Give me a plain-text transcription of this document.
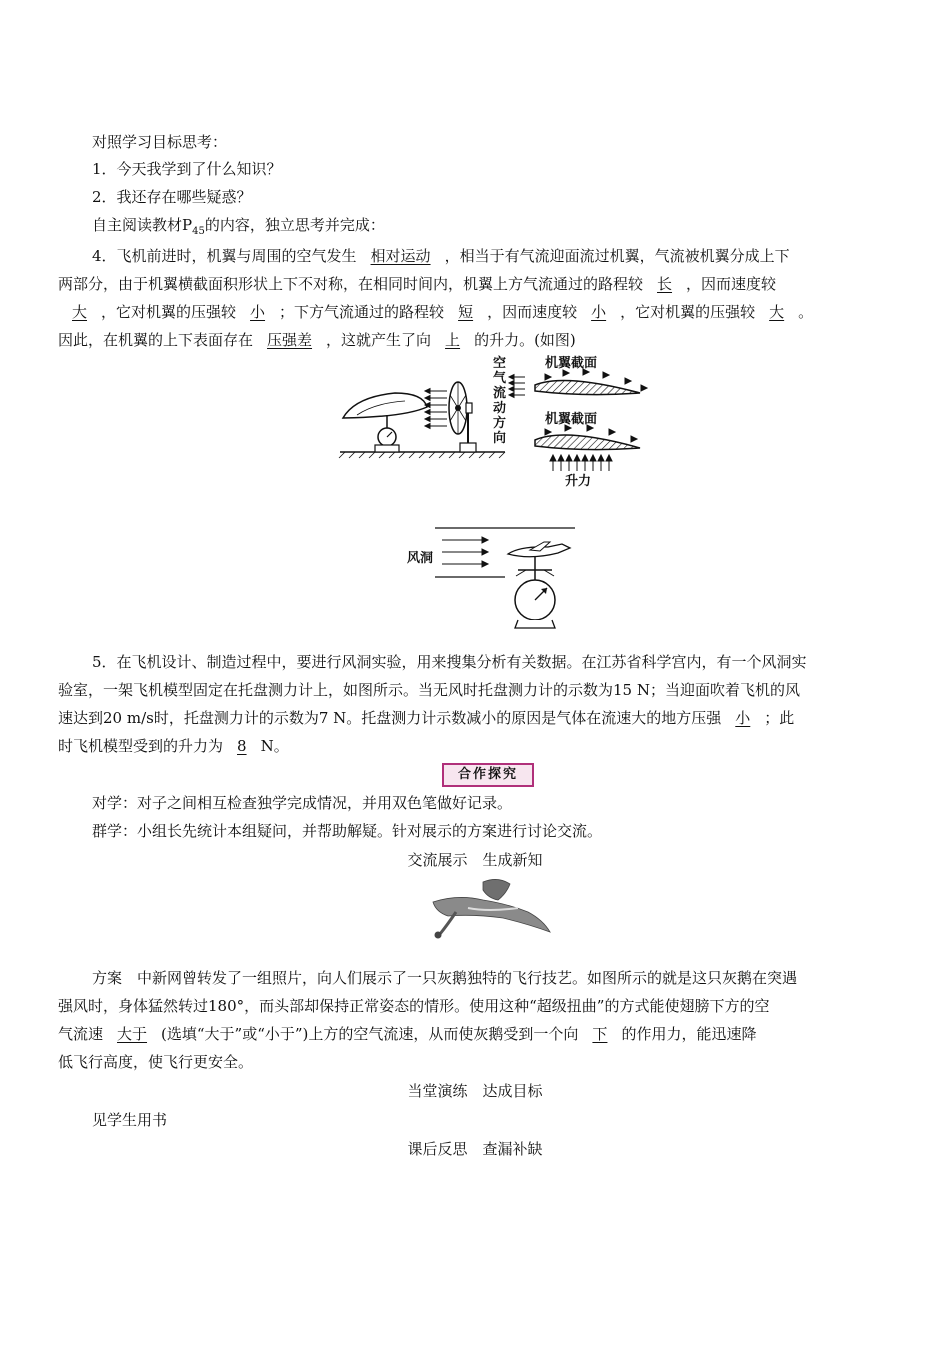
对照学习目标思考：
1．今天我学到了什么知识？
2．我还存在哪些疑惑？
自主阅读教材$P_{45}$的内容，独立思考并完成：
4．飞机前进时，机翼与周围的空气发生 相对运动 ，相当于有气流迎面流过机翼，气流被机翼分成上下
两部分，由于机翼横截面积形状上下不对称，在相同时间内，机翼上方气流通过的路程较 长 ，因而速度较
大 ，它对机翼的压强较 小 ；下方气流通过的路程较 短 ，因而速度较 小 ，它对机翼的压强较 大 。
因此，在机翼的上下表面存在 压强差 ，这就产生了向 上 的升力。(如图)
空气流动方向
机翼截面
机翼截面
升力
风洞
5．在飞机设计、制造过程中，要进行风洞实验，用来搜集分析有关数据。在江苏省科学宫内，有一个风洞实
验室，一架飞机模型固定在托盘测力计上，如图所示。当无风时托盘测力计的示数为15 N；当迎面吹着飞机的风
速达到20 m/s时，托盘测力计的示数为7 N。托盘测力计示数减小的原因是气体在流速大的地方压强 小 ；此
时飞机模型受到的升力为 8 N。
合作探究
对学：对子之间相互检查独学完成情况，并用双色笔做好记录。
群学：小组长先统计本组疑问，并帮助解疑。针对展示的方案进行讨论交流。
交流展示　生成新知
方案　中新网曾转发了一组照片，向人们展示了一只灰鹅独特的飞行技艺。如图所示的就是这只灰鹅在突遇
强风时，身体猛然转过180°，而头部却保持正常姿态的情形。使用这种“超级扭曲”的方式能使翅膀下方的空
气流速 大于 (选填“大于”或“小于”)上方的空气流速，从而使灰鹅受到一个向 下 的作用力，能迅速降
低飞行高度，使飞行更安全。
当堂演练　达成目标
见学生用书
课后反思　查漏补缺
